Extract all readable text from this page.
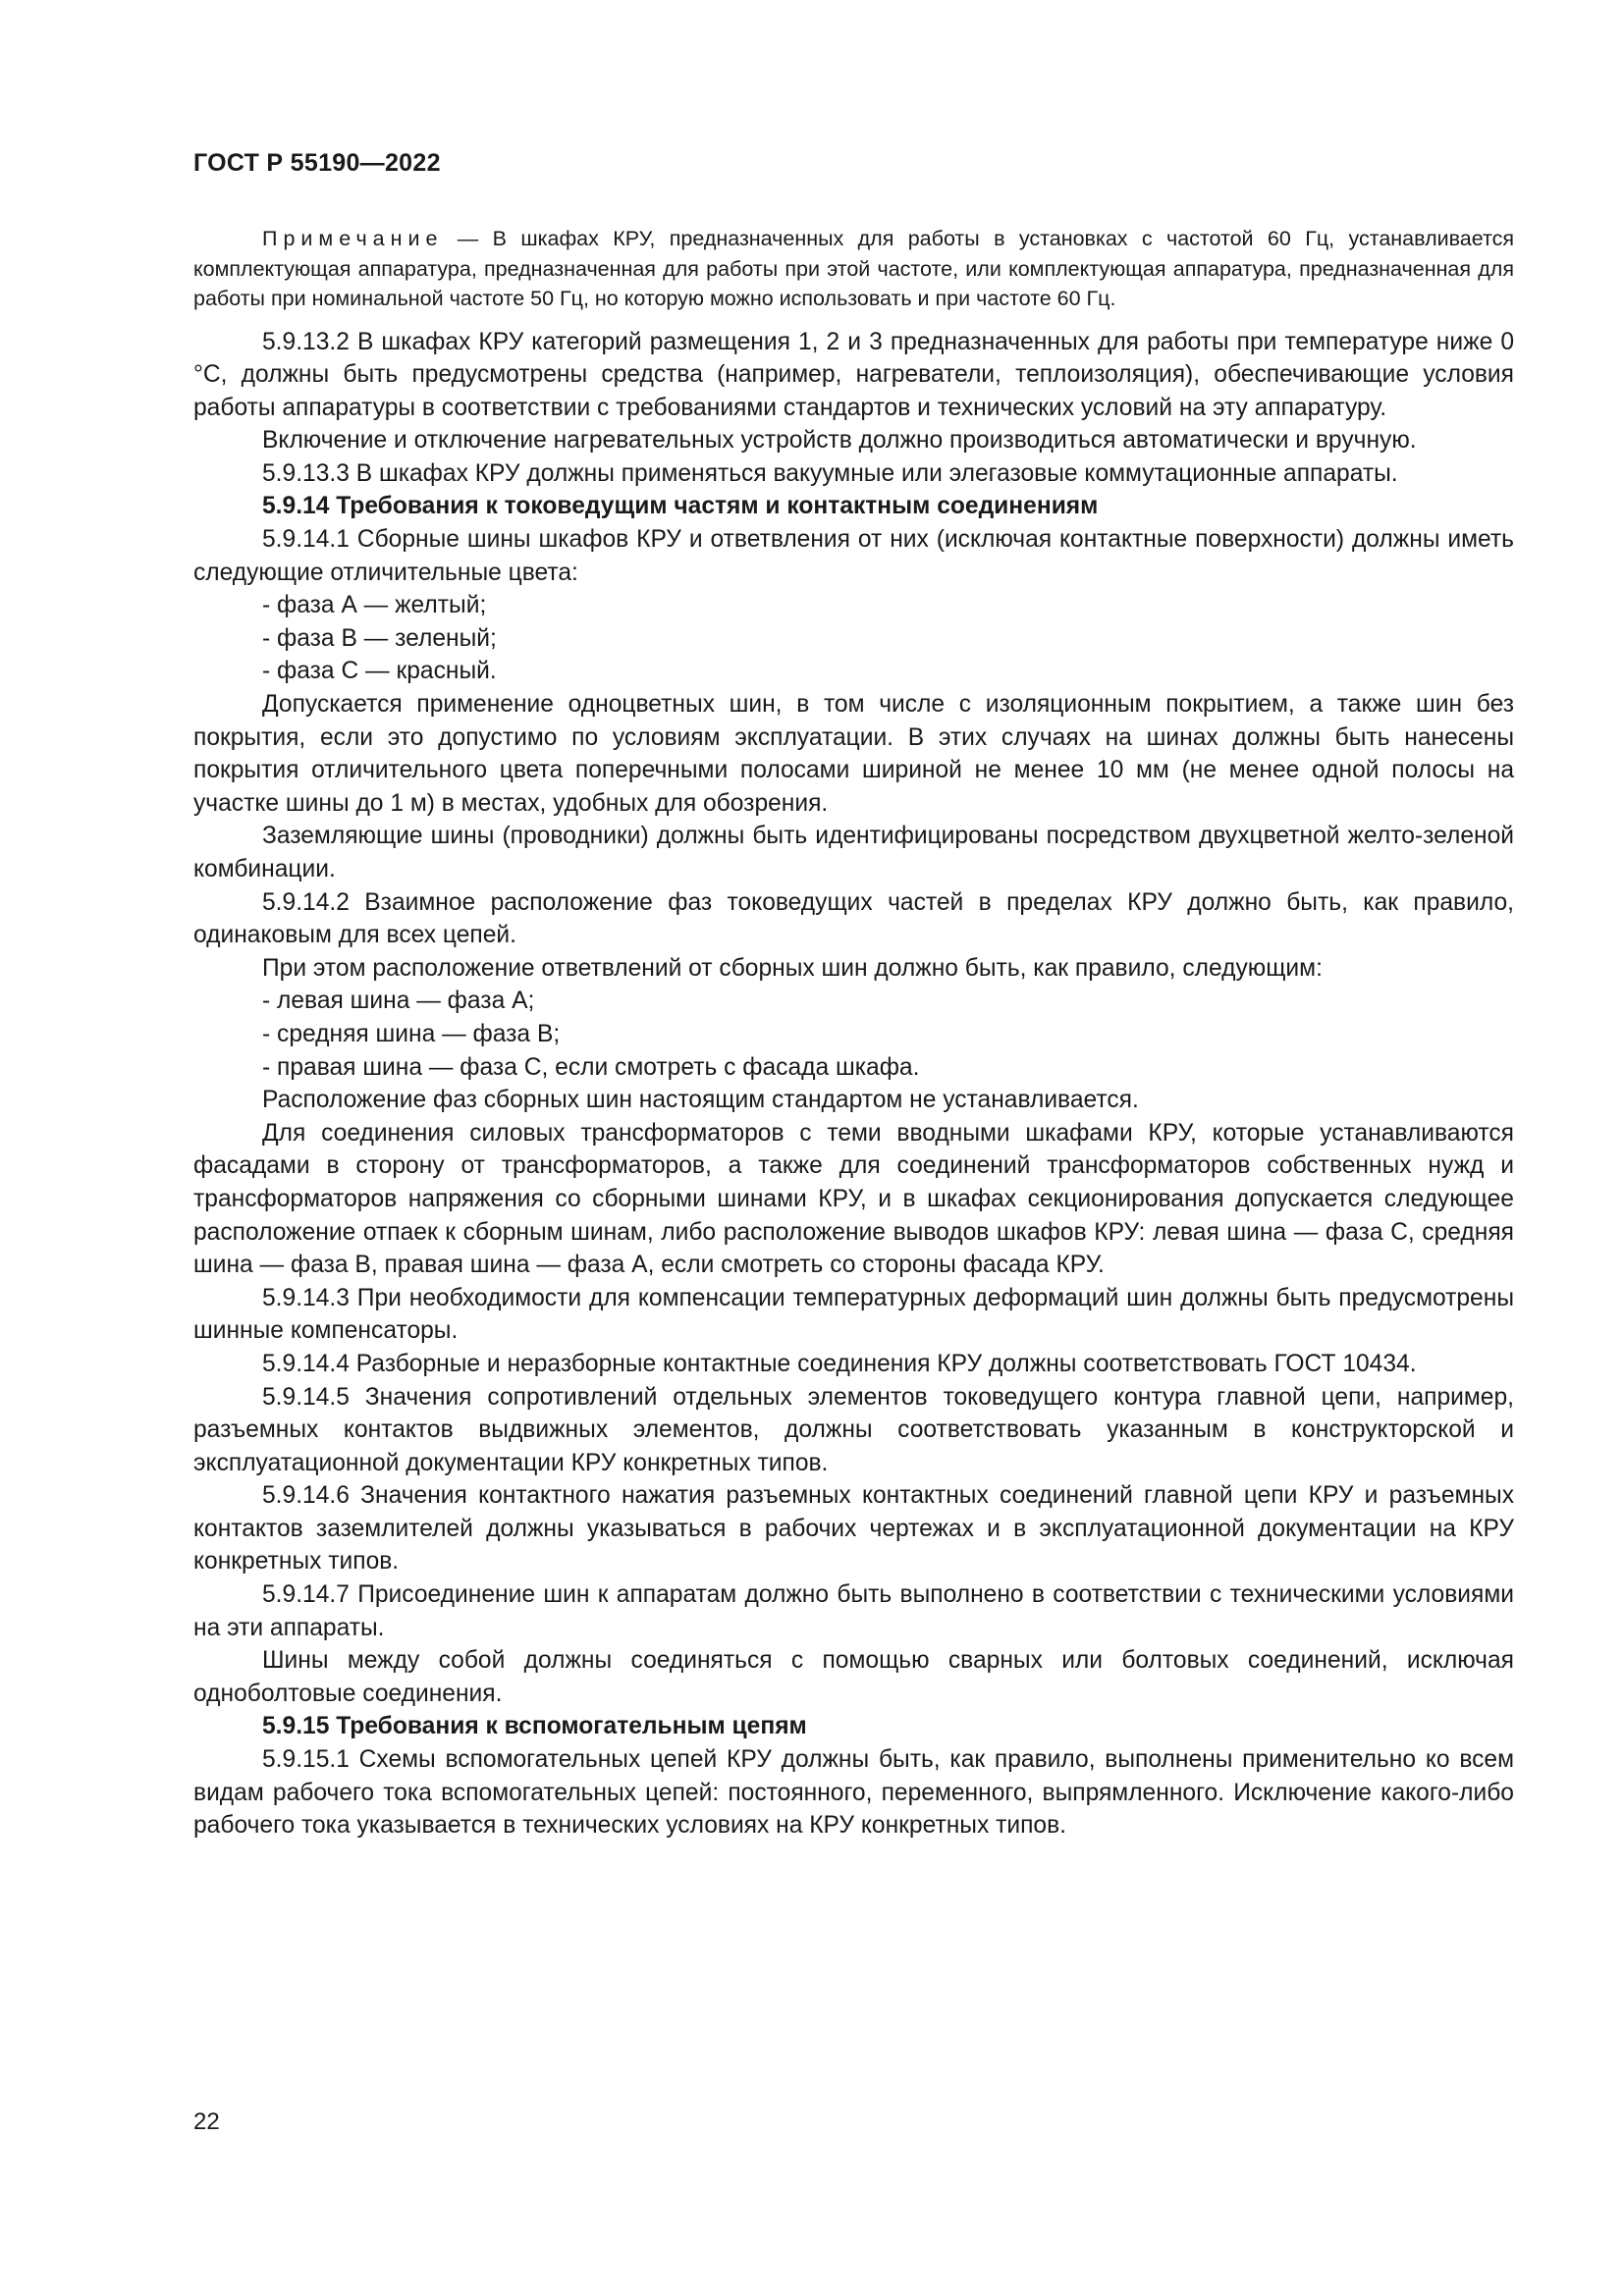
ГОСТ Р 55190—2022

Примечание — В шкафах КРУ, предназначенных для работы в установках с частотой 60 Гц, устанавливается комплектующая аппаратура, предназначенная для работы при этой частоте, или комплектующая аппаратура, предназначенная для работы при номинальной частоте 50 Гц, но которую можно использовать и при частоте 60 Гц.

5.9.13.2 В шкафах КРУ категорий размещения 1, 2 и 3 предназначенных для работы при температуре ниже 0 °С, должны быть предусмотрены средства (например, нагреватели, теплоизоляция), обеспечивающие условия работы аппаратуры в соответствии с требованиями стандартов и технических условий на эту аппаратуру.

Включение и отключение нагревательных устройств должно производиться автоматически и вручную.

5.9.13.3 В шкафах КРУ должны применяться вакуумные или элегазовые коммутационные аппараты.

5.9.14 Требования к токоведущим частям и контактным соединениям

5.9.14.1 Сборные шины шкафов КРУ и ответвления от них (исключая контактные поверхности) должны иметь следующие отличительные цвета:

- фаза А — желтый;

- фаза В — зеленый;

- фаза С — красный.

Допускается применение одноцветных шин, в том числе с изоляционным покрытием, а также шин без покрытия, если это допустимо по условиям эксплуатации. В этих случаях на шинах должны быть нанесены покрытия отличительного цвета поперечными полосами шириной не менее 10 мм (не менее одной полосы на участке шины до 1 м) в местах, удобных для обозрения.

Заземляющие шины (проводники) должны быть идентифицированы посредством двухцветной желто-зеленой комбинации.

5.9.14.2 Взаимное расположение фаз токоведущих частей в пределах КРУ должно быть, как правило, одинаковым для всех цепей.

При этом расположение ответвлений от сборных шин должно быть, как правило, следующим:

- левая шина — фаза А;

- средняя шина — фаза В;

- правая шина — фаза С, если смотреть с фасада шкафа.

Расположение фаз сборных шин настоящим стандартом не устанавливается.

Для соединения силовых трансформаторов с теми вводными шкафами КРУ, которые устанавливаются фасадами в сторону от трансформаторов, а также для соединений трансформаторов собственных нужд и трансформаторов напряжения со сборными шинами КРУ, и в шкафах секционирования допускается следующее расположение отпаек к сборным шинам, либо расположение выводов шкафов КРУ: левая шина — фаза С, средняя шина — фаза В, правая шина — фаза А, если смотреть со стороны фасада КРУ.

5.9.14.3 При необходимости для компенсации температурных деформаций шин должны быть предусмотрены шинные компенсаторы.

5.9.14.4 Разборные и неразборные контактные соединения КРУ должны соответствовать ГОСТ 10434.

5.9.14.5 Значения сопротивлений отдельных элементов токоведущего контура главной цепи, например, разъемных контактов выдвижных элементов, должны соответствовать указанным в конструкторской и эксплуатационной документации КРУ конкретных типов.

5.9.14.6 Значения контактного нажатия разъемных контактных соединений главной цепи КРУ и разъемных контактов заземлителей должны указываться в рабочих чертежах и в эксплуатационной документации на КРУ конкретных типов.

5.9.14.7 Присоединение шин к аппаратам должно быть выполнено в соответствии с техническими условиями на эти аппараты.

Шины между собой должны соединяться с помощью сварных или болтовых соединений, исключая одноболтовые соединения.

5.9.15 Требования к вспомогательным цепям

5.9.15.1 Схемы вспомогательных цепей КРУ должны быть, как правило, выполнены применительно ко всем видам рабочего тока вспомогательных цепей: постоянного, переменного, выпрямленного. Исключение какого-либо рабочего тока указывается в технических условиях на КРУ конкретных типов.

22
